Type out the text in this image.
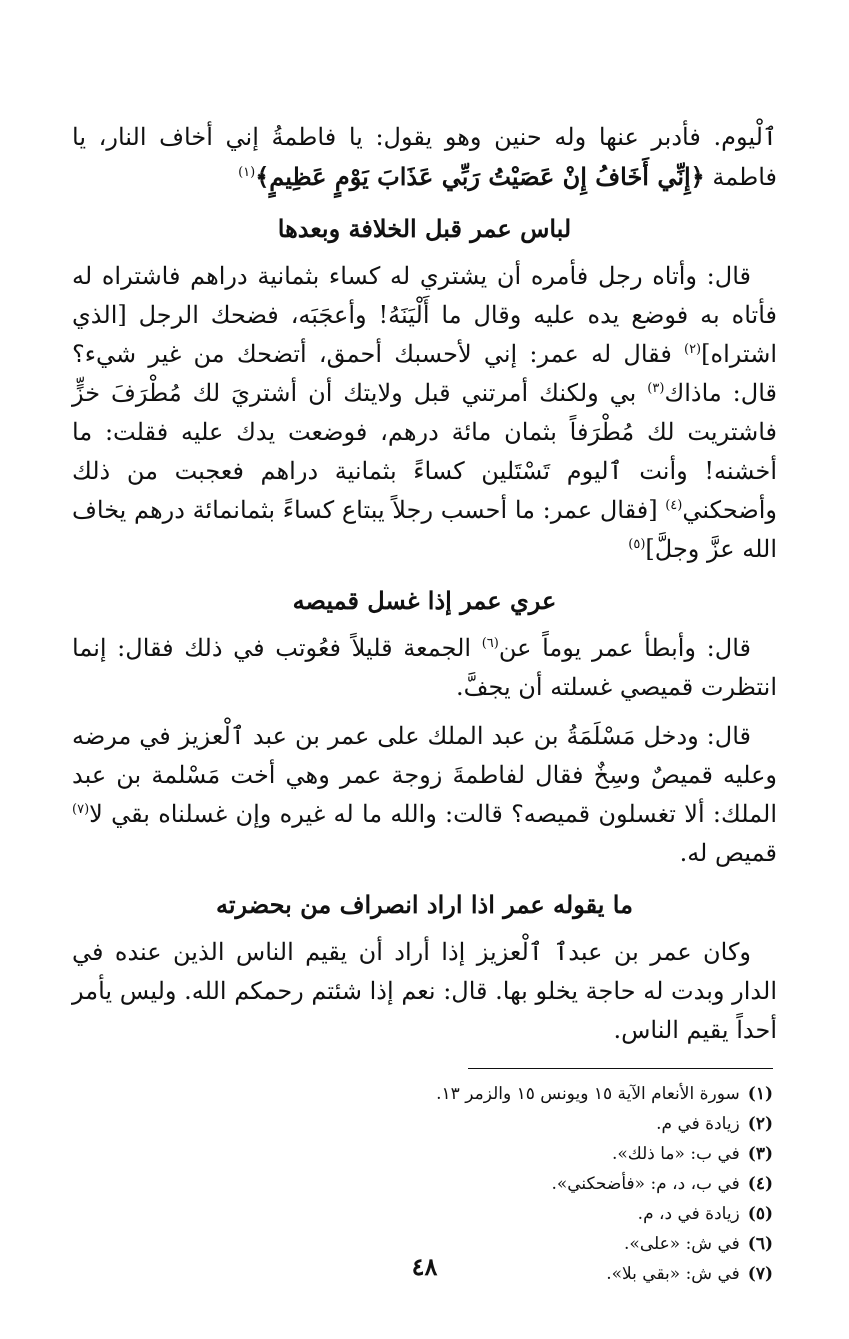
ٱلْيوم. فأدبر عنها وله حنين وهو يقول: يا فاطمةُ إني أخاف النار، يا فاطمة ﴿إِنِّي أَخَافُ إِنْ عَصَيْتُ رَبِّي عَذَابَ يَوْمٍ عَظِيمٍ﴾$^{(١)}$

لباس عمر قبل الخلافة وبعدها

قال: وأتاه رجل فأمره أن يشتري له كساء بثمانية دراهم فاشتراه له فأتاه به فوضع يده عليه وقال ما أَلْيَنَهُ! وأعجَبَه، فضحك الرجل [الذي اشتراه]$^{(٢)}$ فقال له عمر: إني لأحسبك أحمق، أتضحك من غير شيء؟ قال: ماذاك$^{(٣)}$ بي ولكنك أمرتني قبل ولايتك أن أشتريَ لك مُطْرَفَ خزٍّ فاشتريت لك مُطْرَفاً بثمان مائة درهم، فوضعت يدك عليه فقلت: ما أخشنه! وأنت ٱليوم تَسْتَلين كساءً بثمانية دراهم فعجبت من ذلك وأضحكني$^{(٤)}$ [فقال عمر: ما أحسب رجلاً يبتاع كساءً بثمانمائة درهم يخاف الله عزَّ وجلَّ]$^{(٥)}$

عري عمر إذا غسل قميصه

قال: وأبطأ عمر يوماً عن$^{(٦)}$ الجمعة قليلاً فعُوتب في ذلك فقال: إنما انتظرت قميصي غسلته أن يجفَّ.

قال: ودخل مَسْلَمَةُ بن عبد الملك على عمر بن عبد ٱلْعزيز في مرضه وعليه قميصٌ وسِخٌ فقال لفاطمةَ زوجة عمر وهي أخت مَسْلمة بن عبد الملك: ألا تغسلون قميصه؟ قالت: والله ما له غيره وإن غسلناه بقي لا$^{(٧)}$ قميص له.

ما يقوله عمر اذا اراد انصراف من بحضرته

وكان عمر بن عبدٱ ٱلْعزيز إذا أراد أن يقيم الناس الذين عنده في الدار وبدت له حاجة يخلو بها. قال: نعم إذا شئتم رحمكم الله. وليس يأمر أحداً يقيم الناس.

(١)
سورة الأنعام الآية ١٥ ويونس ١٥ والزمر ١٣.
(٢)
زيادة في م.
(٣)
في ب: «ما ذلك».
(٤)
في ب، د، م: «فأضحكني».
(٥)
زيادة في د، م.
(٦)
في ش: «على».
(٧)
في ش: «بقي بلا».
٤٨
